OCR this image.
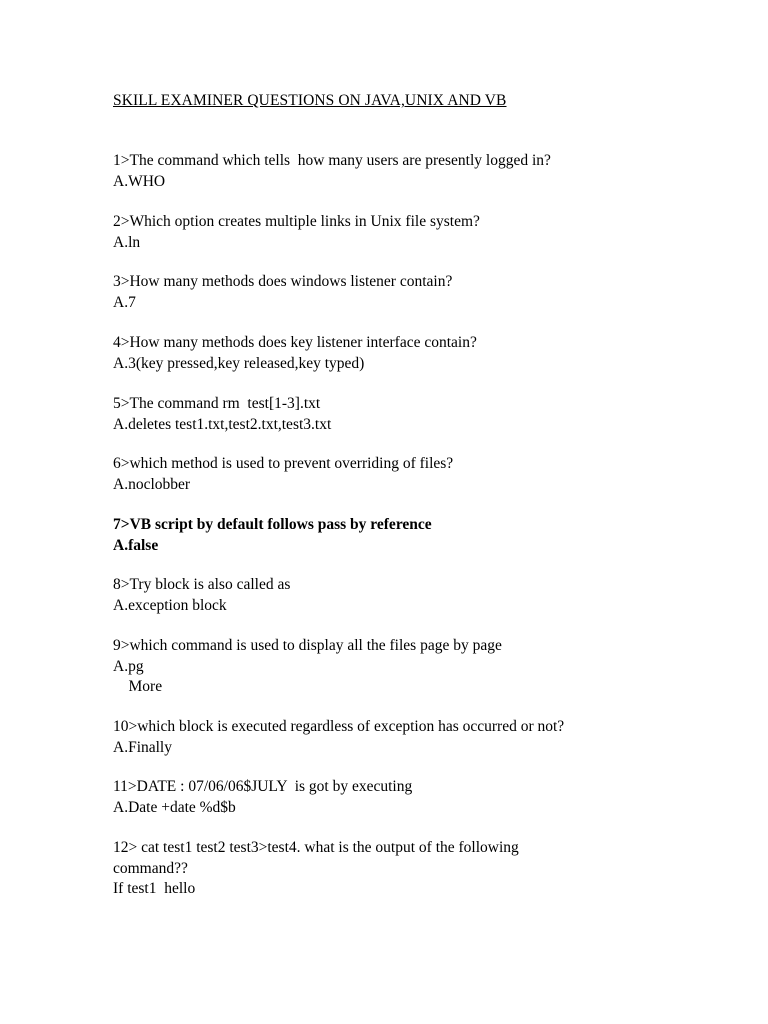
SKILL EXAMINER QUESTIONS ON JAVA,UNIX AND VB
1>The command which tells  how many users are presently logged in?
A.WHO
2>Which option creates multiple links in Unix file system?
A.ln
3>How many methods does windows listener contain?
A.7
4>How many methods does key listener interface contain?
A.3(key pressed,key released,key typed)
5>The command rm  test[1-3].txt
A.deletes test1.txt,test2.txt,test3.txt
6>which method is used to prevent overriding of files?
A.noclobber
7>VB script by default follows pass by reference
A.false
8>Try block is also called as
A.exception block
9>which command is used to display all the files page by page
A.pg
More
10>which block is executed regardless of exception has occurred or not?
A.Finally
11>DATE : 07/06/06$JULY  is got by executing
A.Date +date %d$b
12> cat test1 test2 test3>test4. what is the output of the following
command??
If test1  hello
